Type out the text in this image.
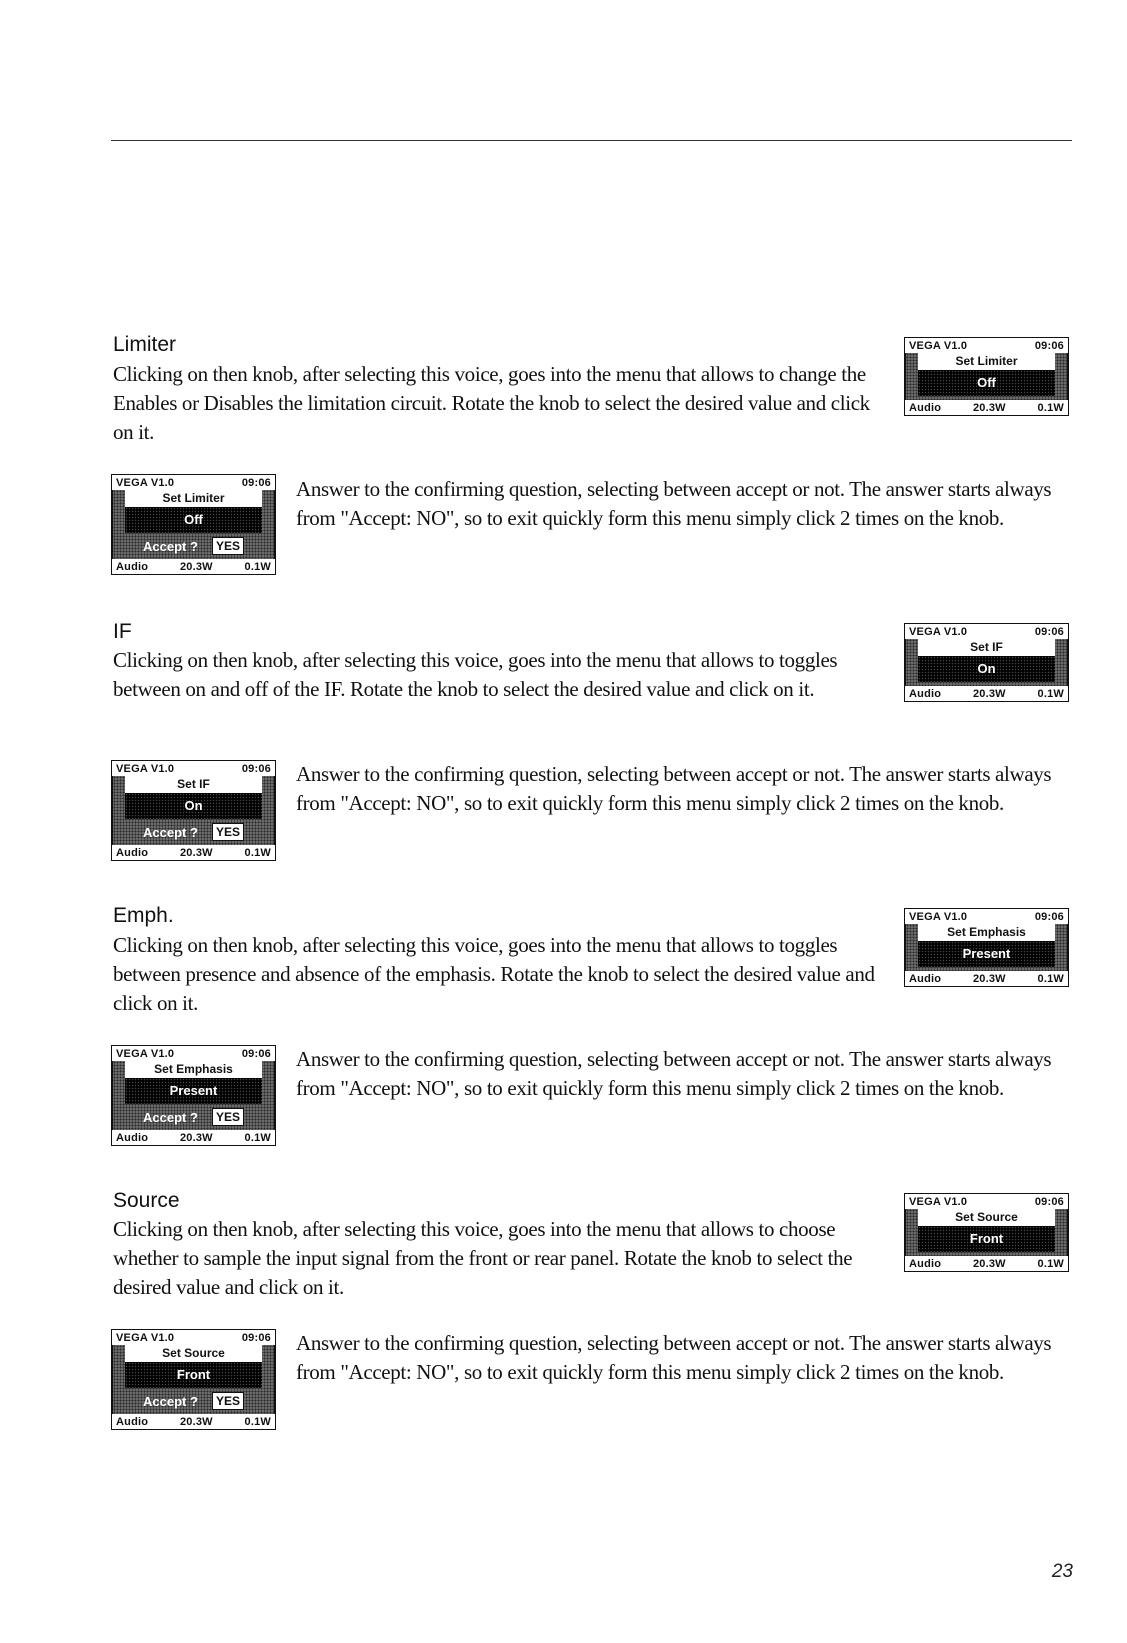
Limiter
Clicking on then knob, after selecting this voice, goes into the menu that allows to change the Enables or Disables the limitation circuit. Rotate the knob to select the desired value and click on it.
VEGA V1.0	09:06
Set Limiter
Off
Audio	20.3W	0.1W
VEGA V1.0	09:06
Set Limiter
Off
Accept ?	YES
Audio	20.3W	0.1W
Answer to the confirming question, selecting between accept or not. The answer starts always from "Accept: NO", so to exit quickly form this menu simply click 2 times on the knob.
IF
Clicking on then knob, after selecting this voice, goes into the menu that allows to toggles between on and off of the IF. Rotate the knob to select the desired value and click on it.
VEGA V1.0	09:06
Set IF
On
Audio	20.3W	0.1W
VEGA V1.0	09:06
Set IF
On
Accept ?	YES
Audio	20.3W	0.1W
Answer to the confirming question, selecting between accept or not. The answer starts always from "Accept: NO", so to exit quickly form this menu simply click 2 times on the knob.
Emph.
Clicking on then knob, after selecting this voice, goes into the menu that allows to toggles between presence and absence of the emphasis. Rotate the knob to select the desired value and click on it.
VEGA V1.0	09:06
Set Emphasis
Present
Audio	20.3W	0.1W
VEGA V1.0	09:06
Set Emphasis
Present
Accept ?	YES
Audio	20.3W	0.1W
Answer to the confirming question, selecting between accept or not. The answer starts always from "Accept: NO", so to exit quickly form this menu simply click 2 times on the knob.
Source
Clicking on then knob, after selecting this voice, goes into the menu that allows to choose whether to sample the input signal from the front or rear panel. Rotate the knob to select the desired value and click on it.
VEGA V1.0	09:06
Set Source
Front
Audio	20.3W	0.1W
VEGA V1.0	09:06
Set Source
Front
Accept ?	YES
Audio	20.3W	0.1W
Answer to the confirming question, selecting between accept or not. The answer starts always from "Accept: NO", so to exit quickly form this menu simply click 2 times on the knob.
23
